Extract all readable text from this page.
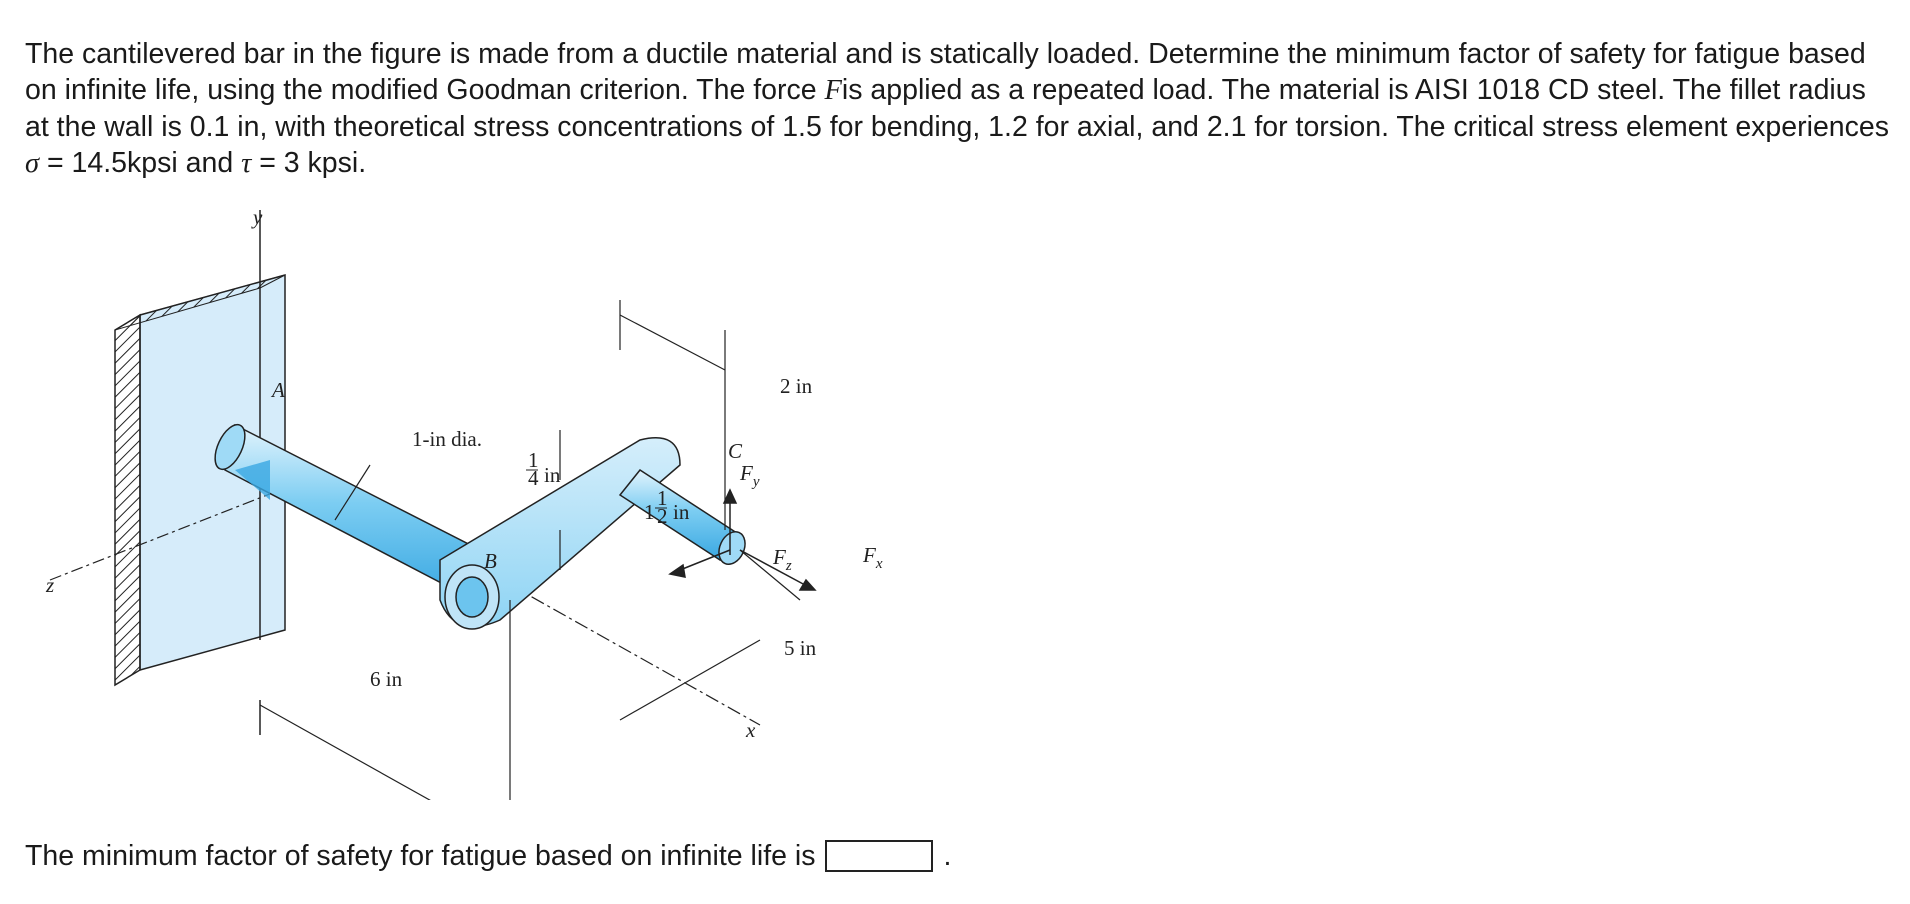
The cantilevered bar in the figure is made from a ductile material and is statically loaded. Determine the minimum factor of safety for fatigue based on infinite life, using the modified Goodman criterion. The force Fis applied as a repeated load. The material is AISI 1018 CD steel. The fillet radius at the wall is 0.1 in, with theoretical stress concentrations of 1.5 for bending, 1.2 for axial, and 2.1 for torsion. The critical stress element experiences σ = 14.5kpsi and τ = 3 kpsi.

y
z
x
A
B
C
1-in dia.
1
4 in
1
1
2 in
2 in
5 in
6 in
$F_y$
$F_z$	$F_x$
The minimum factor of safety for fatigue based on infinite life is	.
